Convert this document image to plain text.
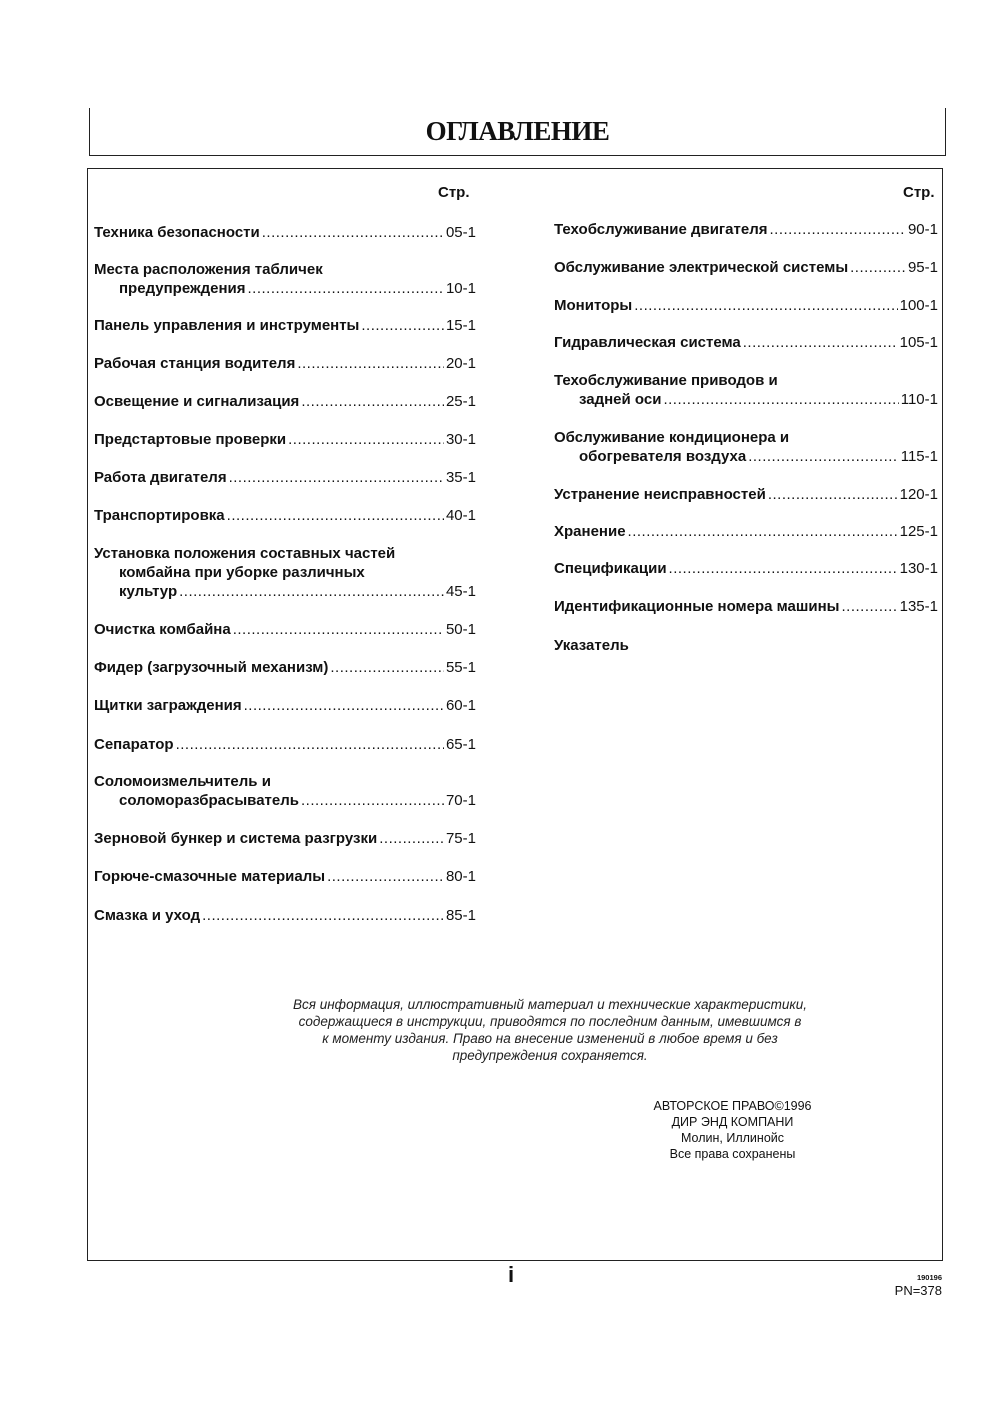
ОГЛАВЛЕНИЕ
Стр.	Стр.
Техника безопасности .....	05-1
Места расположения табличек
предупреждения .....	10-1
Панель управления и инструменты .....	15-1
Рабочая станция водителя .....	20-1
Освещение и сигнализация .....	25-1
Предстартовые проверки .....	30-1
Работа двигателя .....	35-1
Транспортировка .....	40-1
Установка положения составных частей
комбайна при уборке различных
культур .....	45-1
Очистка комбайна .....	50-1
Фидер (загрузочный механизм) .....	55-1
Щитки заграждения .....	60-1
Сепаратор .....	65-1
Соломоизмельчитель и
соломоразбрасыватель .....	70-1
Зерновой бункер и система разгрузки .....	75-1
Горюче-смазочные материалы .....	80-1
Смазка и уход .....	85-1
Техобслуживание двигателя .....	90-1
Обслуживание электрической системы .....	95-1
Мониторы .....	100-1
Гидравлическая система .....	105-1
Техобслуживание приводов и
задней оси .....	110-1
Обслуживание кондиционера и
обогревателя воздуха .....	115-1
Устранение неисправностей .....	120-1
Хранение .....	125-1
Спецификации .....	130-1
Идентификационные номера машины .....	135-1
Указатель
Вся информация, иллюстративный материал и технические характеристики,
содержащиеся в инструкции, приводятся по последним данным, имевшимся в
к моменту издания. Право на внесение изменений в любое время и без
предупреждения сохраняется.
АВТОРСКОЕ ПРАВО©1996
ДИР ЭНД КОМПАНИ
Молин, Иллинойс
Все права сохранены
i	190196
PN=378
